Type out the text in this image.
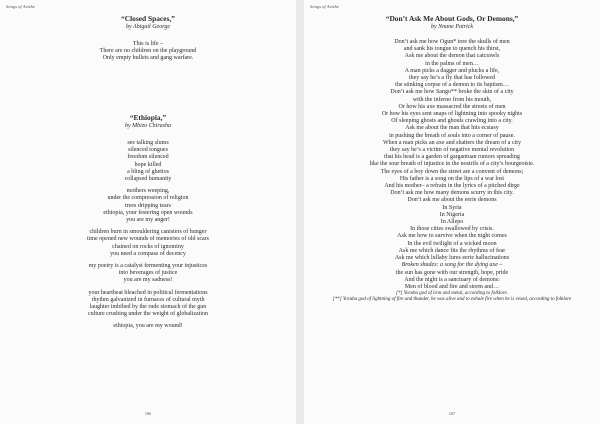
Songs of Aesthe
“Closed Spaces,”
by Abigail George
This is life –
There are no children on the playground
Only empty bullets and gang warfare.
“Ethiopia,”
by Mbizo Chirasha
see talking slums
silenced tongues
freedom silenced
hope killed
a bling of ghettos
collapsed humanity
mothers weeping,
under the compression of religion
trees dripping tears
ethiopia, your festering open wounds
you are my anger!
children burn in smouldering canisters of hunger
time opened new wounds of memories of old scars
chained on rocks of ignominy
you need a compass of decency
my poetry is a catalyst fermenting your injustices
into beverages of justice
you are my sadness!
your heartbeat bleached in political fermentations
rhythm galvanized in furnaces of cultural myth
laughter imbibed by the rude stomach of the gun
culture crushing under the weight of globalization
ethiopia, you are my wound!
166
Songs of Aesthe
“Don’t Ask Me About Gods, Or Demons,”
by Nnane Patrick
Don’t ask me how Ogun* tore the skulls of men
and sank his tongue to quench his thirst,
Ask me about the demon that catcrawls
in the palms of men…
A man picks a dagger and plucks a life,
they say he’s a fly that has followed
the stinking corpse of a demon to its baptism…
Don’t ask me how Sango** broke the skin of a city
with the inferno from his mouth,
Or how his axe massacred the streets of men
Or how his eyes sent snaps of lightning into spooky nights
Of sleeping ghosts and ghouls crawling into a city.
Ask me about the man that hits ecstasy
in pushing the breath of souls into a corner of pause.
When a man picks an axe and shatters the dream of a city
they say he’s a victim of negative mental revolution
that his head is a garden of gargantuan rumors spreading
like the sour breath of injustice in the nostrils of a city’s bourgeoisie.
The eyes of a boy down the street are a convent of demons;
His father is a song on the lips of a war lost
And his mother– a refrain in the lyrics of a pitched dirge
Don’t ask me how many demons scurry in this city.
Don’t ask me about the eerie demons
In Syria
In Nigeria
In Allepo
In those cities swallowed by crisis.
Ask me how to survive when the night comes
In the evil twilight of a wicked moon
Ask me which dance fits the rhythms of fear
Ask me which lullaby lures eerie hallucinations
Broken shades: a song for the dying axe –
the sun has gone with our strength, hope, pride
And the night is a sanctuary of demons:
Men of blood and fire and storm and…
[*] Yoruba god of iron and metal, according to folklore.
[**] Yoruba god of lightning of fire and thunder, he was alive and to exhale fire when he is vexed, according to folklore
167
